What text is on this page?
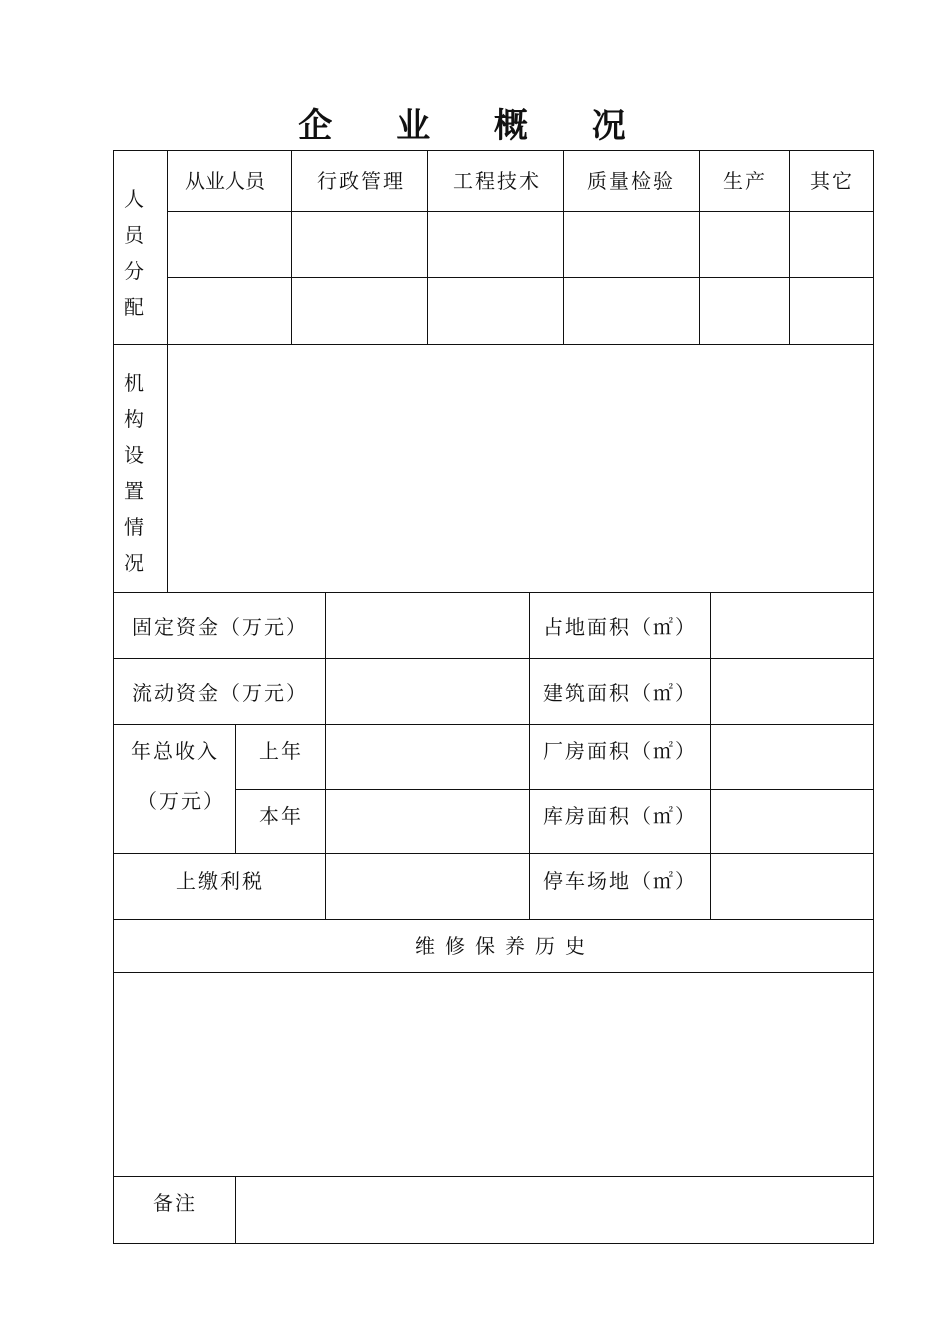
企 业 概 况
人员分配
从业人员	行政管理 工程技术 质量检验 生产 其它
机构设置情况
固定资金（万元）
流动资金（万元）
年总收入
（万元）
上年
本年
上缴利税
占地面积（㎡）
建筑面积（㎡）
厂房面积（㎡）
库房面积（㎡）
停车场地（㎡）
维修保养历史
备注
